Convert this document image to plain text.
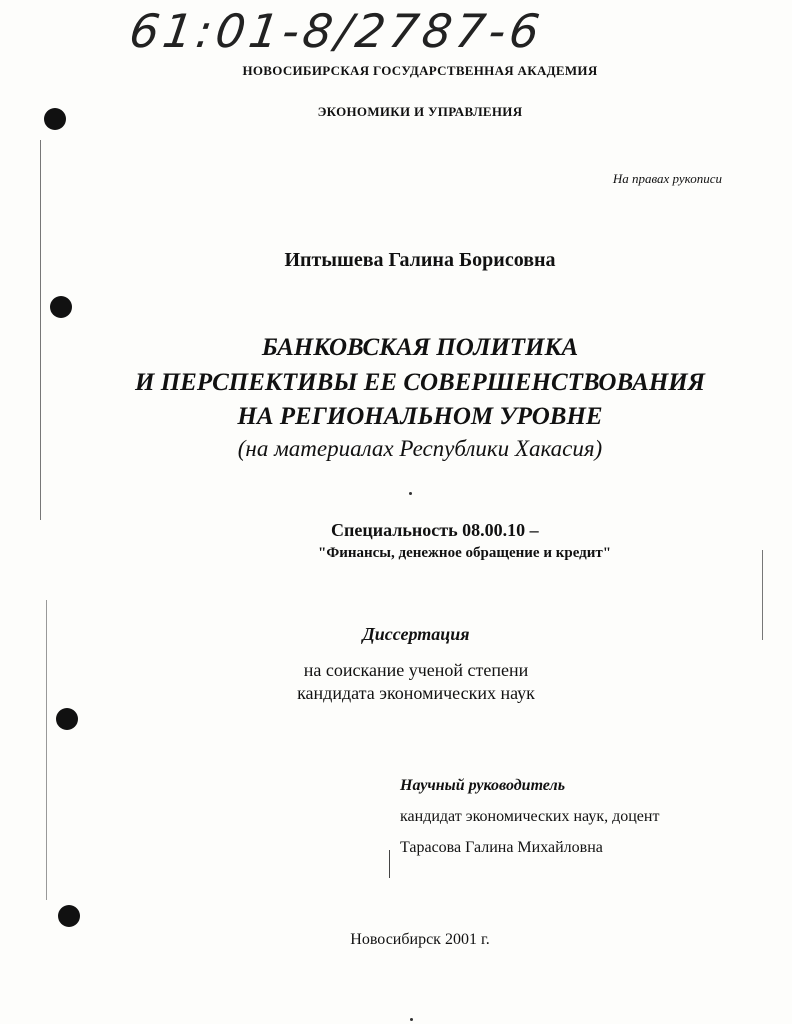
61:01-8/2787-6
НОВОСИБИРСКАЯ ГОСУДАРСТВЕННАЯ АКАДЕМИЯ
ЭКОНОМИКИ И УПРАВЛЕНИЯ
На правах рукописи
Иптышева Галина Борисовна
БАНКОВСКАЯ ПОЛИТИКА
И ПЕРСПЕКТИВЫ ЕЕ СОВЕРШЕНСТВОВАНИЯ
НА РЕГИОНАЛЬНОМ УРОВНЕ
(на материалах Республики Хакасия)
Специальность 08.00.10 –
"Финансы, денежное обращение и кредит"
Диссертация
на соискание ученой степени
кандидата экономических наук
Научный руководитель
кандидат экономических наук, доцент
Тарасова Галина Михайловна
Новосибирск 2001 г.
